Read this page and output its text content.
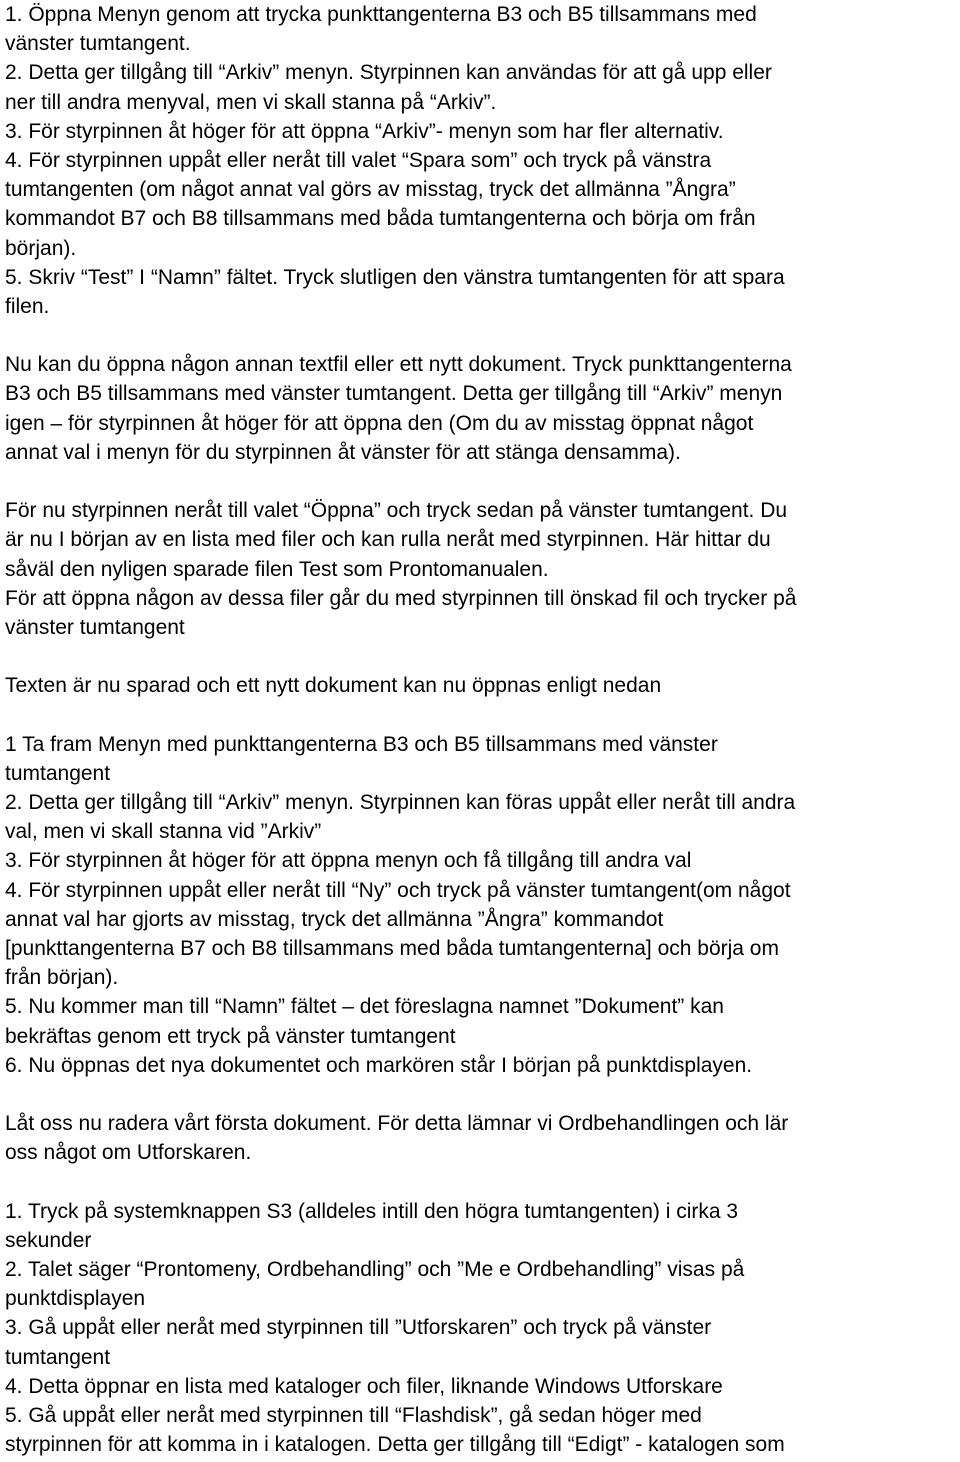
1. Öppna Menyn genom att trycka punkttangenterna B3 och B5 tillsammans med
vänster tumtangent.
2. Detta ger tillgång till “Arkiv” menyn. Styrpinnen kan användas för att gå upp eller
ner till andra menyval, men vi skall stanna på “Arkiv”.
3. För styrpinnen åt höger för att öppna “Arkiv”- menyn som har fler alternativ.
4. För styrpinnen uppåt eller neråt till valet “Spara som” och tryck på vänstra
tumtangenten (om något annat val görs av misstag, tryck det allmänna ”Ångra”
kommandot B7 och B8 tillsammans med båda tumtangenterna och börja om från
början).
5. Skriv “Test” I “Namn” fältet. Tryck slutligen den vänstra tumtangenten för att spara
filen.
Nu kan du öppna någon annan textfil eller ett nytt dokument. Tryck punkttangenterna
B3 och B5 tillsammans med vänster tumtangent. Detta ger tillgång till “Arkiv” menyn
igen – för styrpinnen åt höger för att öppna den (Om du av misstag öppnat något
annat val i menyn för du styrpinnen åt vänster för att stänga densamma).
För nu styrpinnen neråt till valet “Öppna” och tryck sedan på vänster tumtangent. Du
är nu I början av en lista med filer och kan rulla neråt med styrpinnen. Här hittar du
såväl den nyligen sparade filen Test som Prontomanualen.
För att öppna någon av dessa filer går du med styrpinnen till önskad fil och trycker på
vänster tumtangent
Texten är nu sparad och ett nytt dokument kan nu öppnas enligt nedan
1 Ta fram Menyn med punkttangenterna B3 och B5 tillsammans med vänster
tumtangent
2. Detta ger tillgång till “Arkiv” menyn. Styrpinnen kan föras uppåt eller neråt till andra
val, men vi skall stanna vid ”Arkiv”
3. För styrpinnen åt höger för att öppna menyn och få tillgång till andra val
4. För styrpinnen uppåt eller neråt till “Ny” och tryck på vänster tumtangent(om något
annat val har gjorts av misstag, tryck det allmänna ”Ångra” kommandot
[punkttangenterna B7 och B8 tillsammans med båda tumtangenterna] och börja om
från början).
5. Nu kommer man till “Namn” fältet – det föreslagna namnet ”Dokument” kan
bekräftas genom ett tryck på vänster tumtangent
6. Nu öppnas det nya dokumentet och markören står I början på punktdisplayen.
Låt oss nu radera vårt första dokument. För detta lämnar vi Ordbehandlingen och lär
oss något om Utforskaren.
1. Tryck på systemknappen S3 (alldeles intill den högra tumtangenten) i cirka 3
sekunder
2. Talet säger “Prontomeny, Ordbehandling” och ”Me e Ordbehandling” visas på
punktdisplayen
3. Gå uppåt eller neråt med styrpinnen till ”Utforskaren” och tryck på vänster
tumtangent
4. Detta öppnar en lista med kataloger och filer, liknande Windows Utforskare
5. Gå uppåt eller neråt med styrpinnen till “Flashdisk”, gå sedan höger med
styrpinnen för att komma in i katalogen. Detta ger tillgång till “Edigt” - katalogen som
